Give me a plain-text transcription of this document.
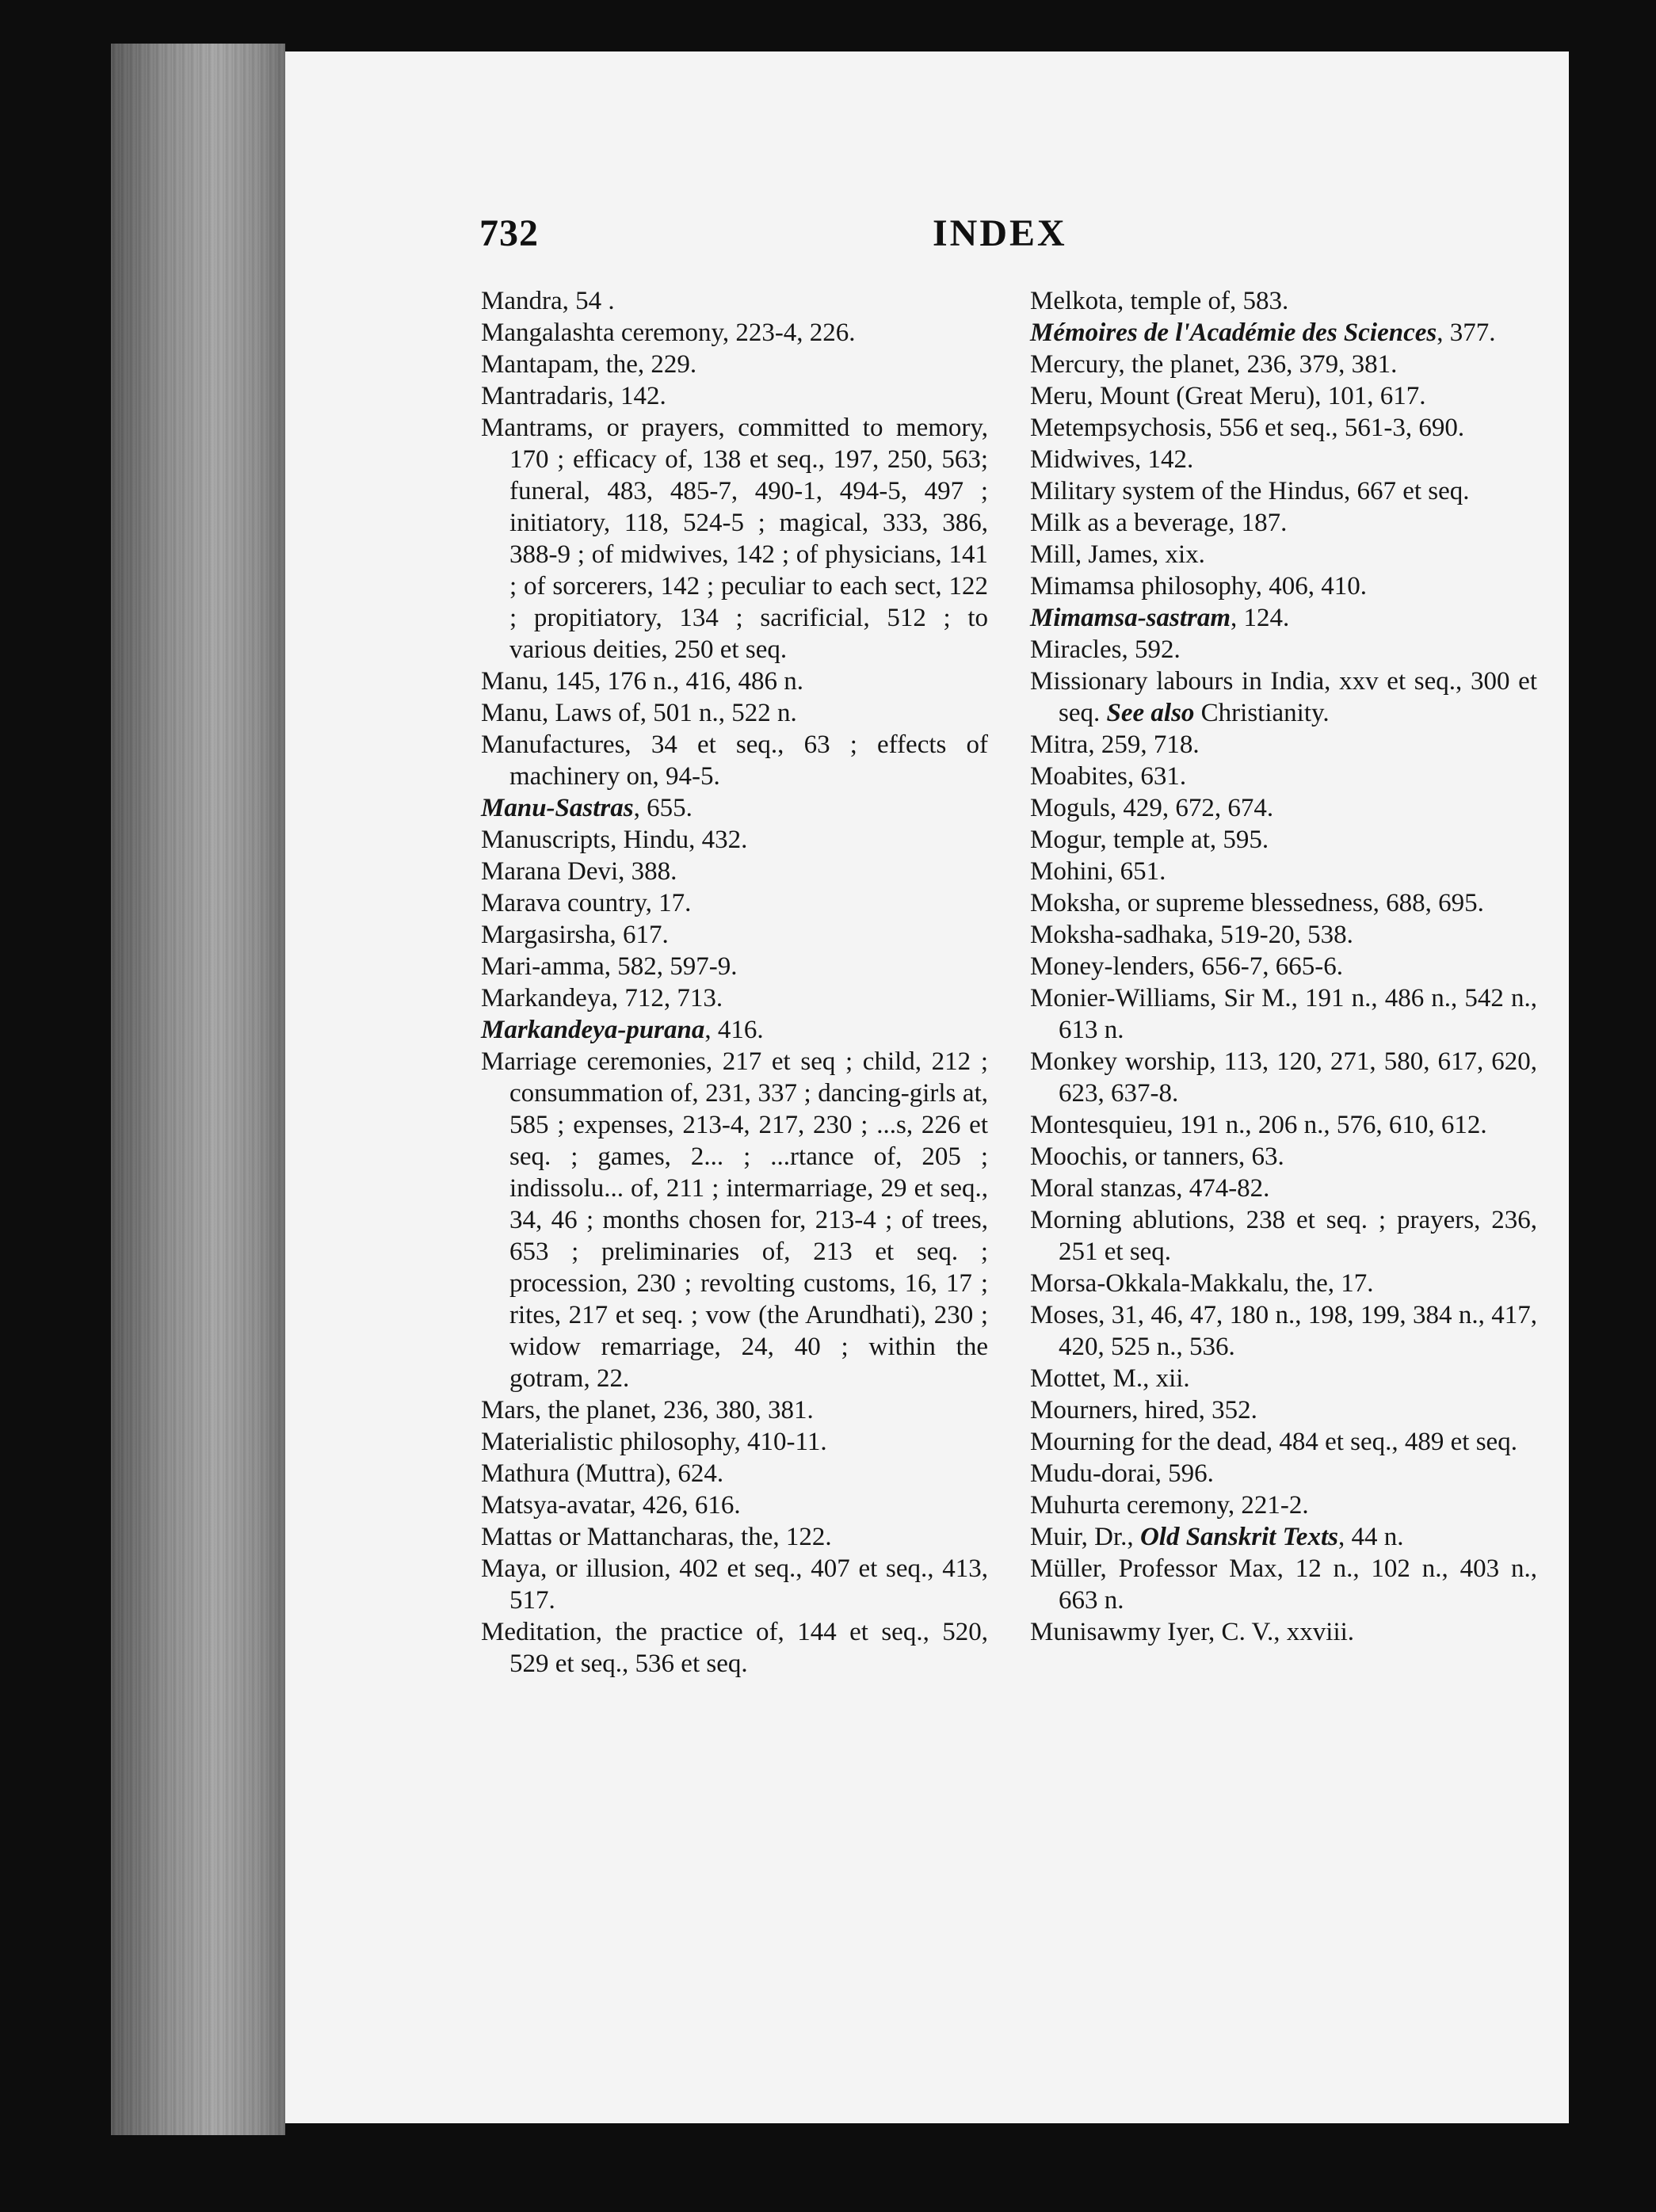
732	INDEX
Mandra, 54 .
Mangalashta ceremony, 223-4, 226.
Mantapam, the, 229.
Mantradaris, 142.
Mantrams, or prayers, committed to memory, 170 ; efficacy of, 138 et seq., 197, 250, 563; funeral, 483, 485-7, 490-1, 494-5, 497 ; initiatory, 118, 524-5 ; magical, 333, 386, 388-9 ; of midwives, 142 ; of physicians, 141 ; of sorcerers, 142 ; peculiar to each sect, 122 ; propitiatory, 134 ; sacrificial, 512 ; to various deities, 250 et seq.
Manu, 145, 176 n., 416, 486 n.
Manu, Laws of, 501 n., 522 n.
Manufactures, 34 et seq., 63 ; effects of machinery on, 94-5.
Manu-Sastras, 655.
Manuscripts, Hindu, 432.
Marana Devi, 388.
Marava country, 17.
Margasirsha, 617.
Mari-amma, 582, 597-9.
Markandeya, 712, 713.
Markandeya-purana, 416.
Marriage ceremonies, 217 et seq ; child, 212 ; consummation of, 231, 337 ; dancing-girls at, 585 ; expenses, 213-4, 217, 230 ; ...s, 226 et seq. ; games, 2... ; ...rtance of, 205 ; indissolu... of, 211 ; intermarriage, 29 et seq., 34, 46 ; months chosen for, 213-4 ; of trees, 653 ; preliminaries of, 213 et seq. ; procession, 230 ; revolting customs, 16, 17 ; rites, 217 et seq. ; vow (the Arundhati), 230 ; widow remarriage, 24, 40 ; within the gotram, 22.
Mars, the planet, 236, 380, 381.
Materialistic philosophy, 410-11.
Mathura (Muttra), 624.
Matsya-avatar, 426, 616.
Mattas or Mattancharas, the, 122.
Maya, or illusion, 402 et seq., 407 et seq., 413, 517.
Meditation, the practice of, 144 et seq., 520, 529 et seq., 536 et seq.
Melkota, temple of, 583.
Mémoires de l'Académie des Sciences, 377.
Mercury, the planet, 236, 379, 381.
Meru, Mount (Great Meru), 101, 617.
Metempsychosis, 556 et seq., 561-3, 690.
Midwives, 142.
Military system of the Hindus, 667 et seq.
Milk as a beverage, 187.
Mill, James, xix.
Mimamsa philosophy, 406, 410.
Mimamsa-sastram, 124.
Miracles, 592.
Missionary labours in India, xxv et seq., 300 et seq. See also Christianity.
Mitra, 259, 718.
Moabites, 631.
Moguls, 429, 672, 674.
Mogur, temple at, 595.
Mohini, 651.
Moksha, or supreme blessedness, 688, 695.
Moksha-sadhaka, 519-20, 538.
Money-lenders, 656-7, 665-6.
Monier-Williams, Sir M., 191 n., 486 n., 542 n., 613 n.
Monkey worship, 113, 120, 271, 580, 617, 620, 623, 637-8.
Montesquieu, 191 n., 206 n., 576, 610, 612.
Moochis, or tanners, 63.
Moral stanzas, 474-82.
Morning ablutions, 238 et seq. ; prayers, 236, 251 et seq.
Morsa-Okkala-Makkalu, the, 17.
Moses, 31, 46, 47, 180 n., 198, 199, 384 n., 417, 420, 525 n., 536.
Mottet, M., xii.
Mourners, hired, 352.
Mourning for the dead, 484 et seq., 489 et seq.
Mudu-dorai, 596.
Muhurta ceremony, 221-2.
Muir, Dr., Old Sanskrit Texts, 44 n.
Müller, Professor Max, 12 n., 102 n., 403 n., 663 n.
Munisawmy Iyer, C. V., xxviii.
